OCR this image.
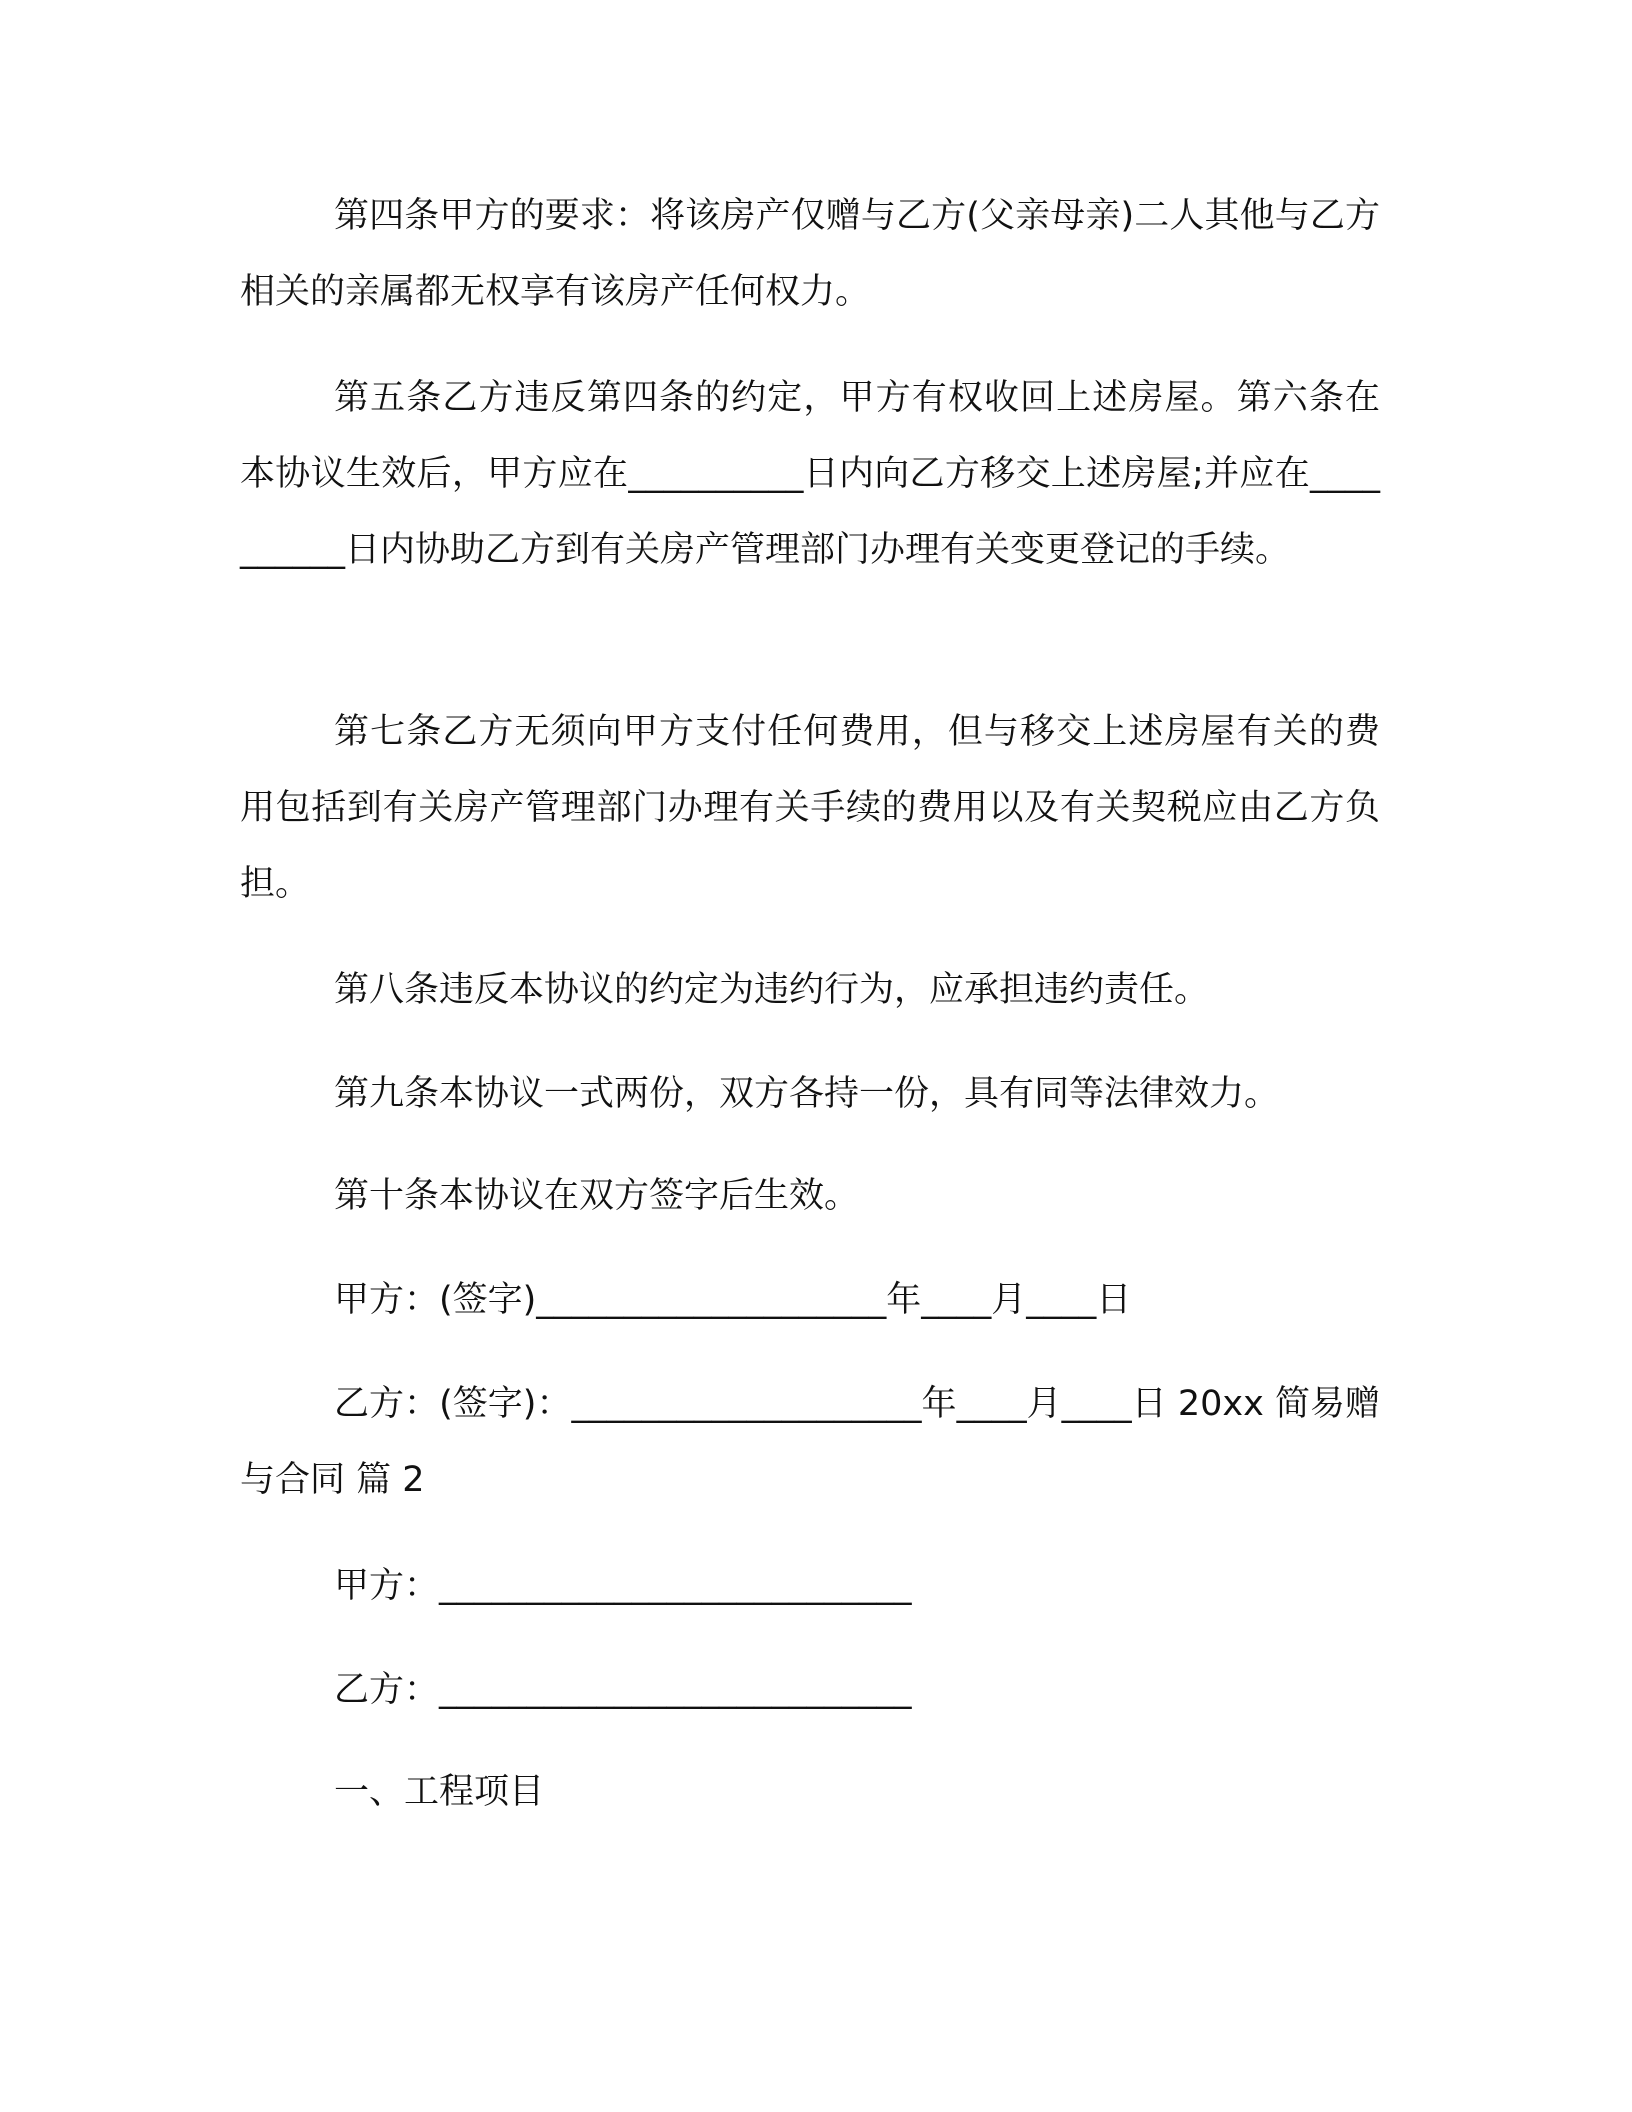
第四条甲方的要求：将该房产仅赠与乙方(父亲母亲)二人其他与乙方相关的亲属都无权享有该房产任何权力。

第五条乙方违反第四条的约定，甲方有权收回上述房屋。第六条在本协议生效后，甲方应在__________日内向乙方移交上述房屋;并应在__________日内协助乙方到有关房产管理部门办理有关变更登记的手续。

第七条乙方无须向甲方支付任何费用，但与移交上述房屋有关的费用包括到有关房产管理部门办理有关手续的费用以及有关契税应由乙方负担。

第八条违反本协议的约定为违约行为，应承担违约责任。

第九条本协议一式两份，双方各持一份，具有同等法律效力。

第十条本协议在双方签字后生效。

甲方：(签字)____________________年____月____日

乙方：(签字)：____________________年____月____日 20xx 简易赠与合同 篇 2

甲方：___________________________

乙方：___________________________

一、工程项目
